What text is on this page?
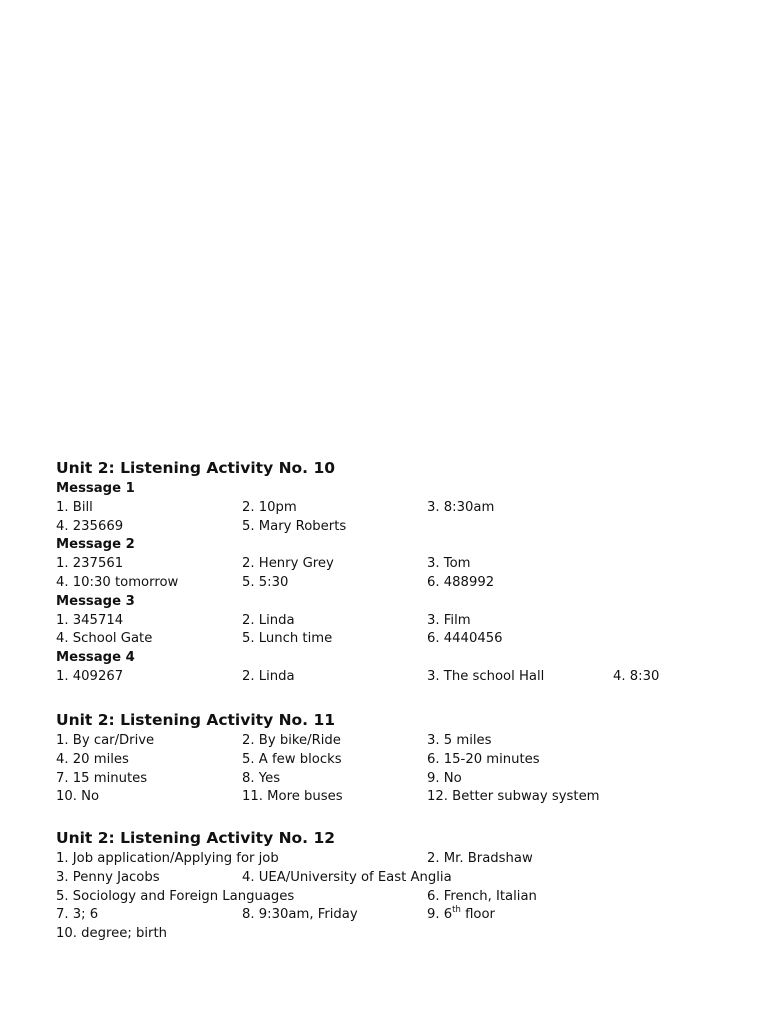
Unit 2: Listening Activity No. 10
Message 1
1. Bill	2. 10pm	3. 8:30am
4. 235669	5. Mary Roberts
Message 2
1. 237561	2. Henry Grey	3. Tom
4. 10:30 tomorrow	5. 5:30	6. 488992
Message 3
1. 345714	2. Linda	3. Film
4. School Gate	5. Lunch time	6. 4440456
Message 4
1. 409267	2. Linda	3. The school Hall	4. 8:30
Unit 2: Listening Activity No. 11
1. By car/Drive	2. By bike/Ride	3. 5 miles
4. 20 miles	5. A few blocks	6. 15-20 minutes
7. 15 minutes	8. Yes	9. No
10. No	11. More buses	12. Better subway system
Unit 2: Listening Activity No. 12
1. Job application/Applying for job	2. Mr. Bradshaw
3. Penny Jacobs	4. UEA/University of East Anglia
5. Sociology and Foreign Languages	6. French, Italian
7. 3; 6	8. 9:30am, Friday	9. 6th floor
10. degree; birth
